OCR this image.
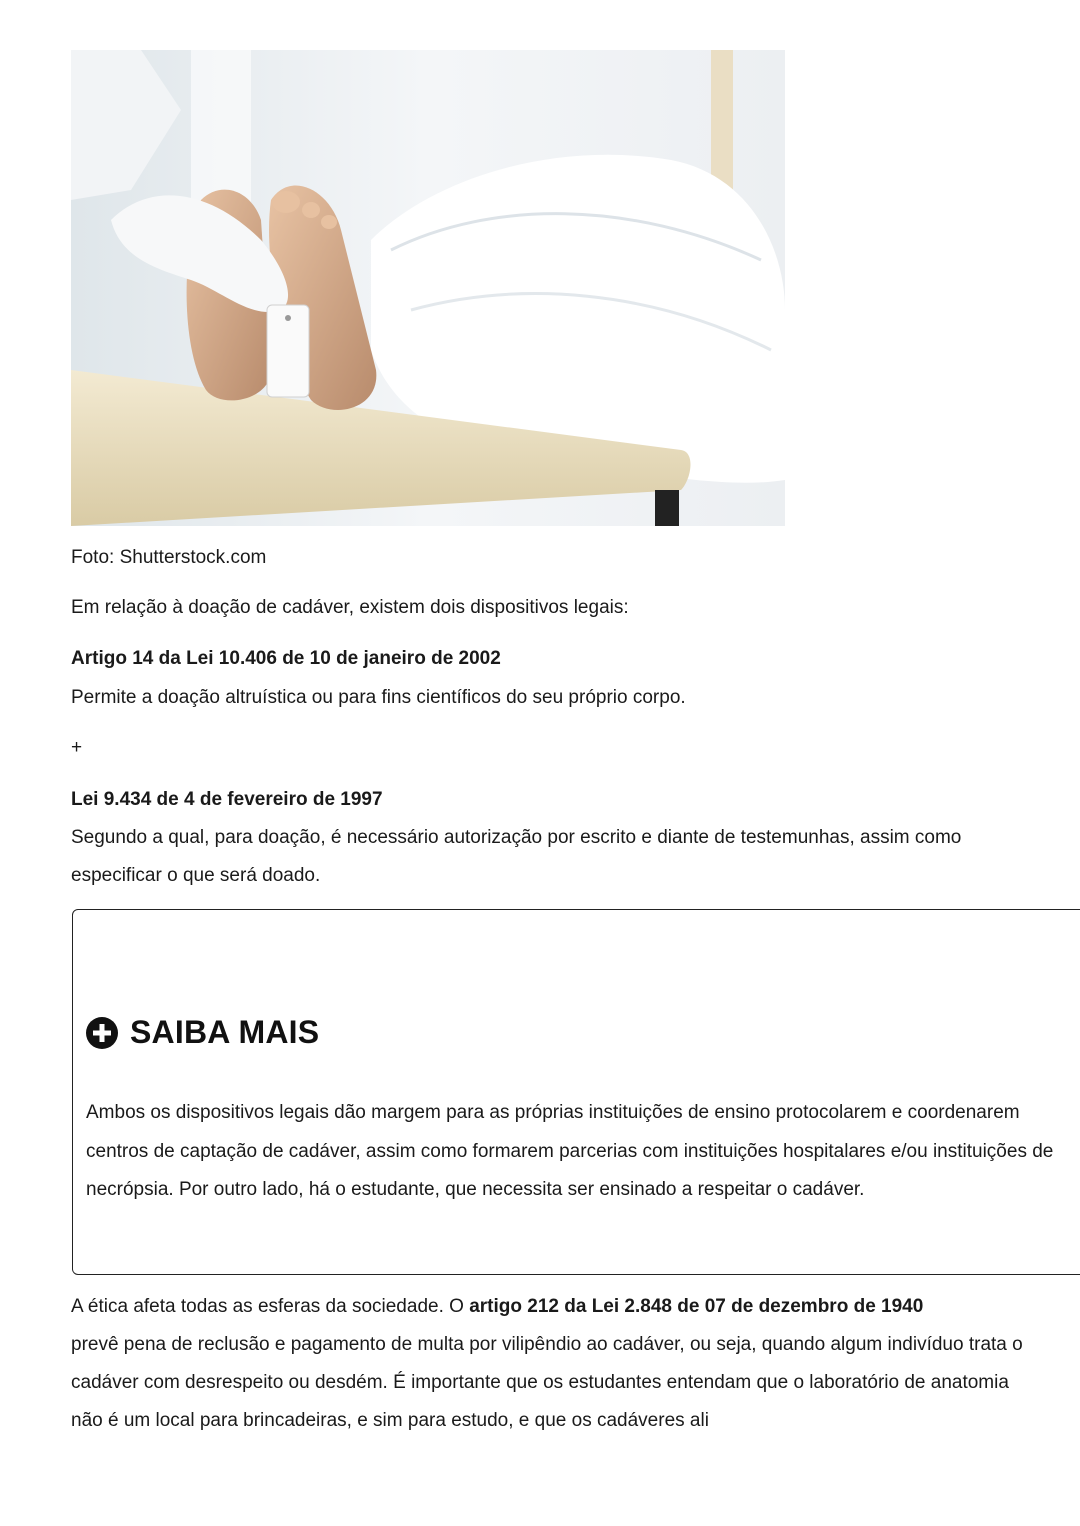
Foto: Shutterstock.com

Em relação à doação de cadáver, existem dois dispositivos legais:

Artigo 14 da Lei 10.406 de 10 de janeiro de 2002

Permite a doação altruística ou para fins científicos do seu próprio corpo.

+

Lei 9.434 de 4 de fevereiro de 1997

Segundo a qual, para doação, é necessário autorização por escrito e diante de testemunhas, assim como especificar o que será doado.

SAIBA MAIS

Ambos os dispositivos legais dão margem para as próprias instituições de ensino protocolarem e coordenarem centros de captação de cadáver, assim como formarem parcerias com instituições hospitalares e/ou instituições de necrópsia. Por outro lado, há o estudante, que necessita ser ensinado a respeitar o cadáver.

A ética afeta todas as esferas da sociedade. O artigo 212 da Lei 2.848 de 07 de dezembro de 1940
prevê pena de reclusão e pagamento de multa por vilipêndio ao cadáver, ou seja, quando algum indivíduo trata o cadáver com desrespeito ou desdém. É importante que os estudantes entendam que o laboratório de anatomia não é um local para brincadeiras, e sim para estudo, e que os cadáveres ali
